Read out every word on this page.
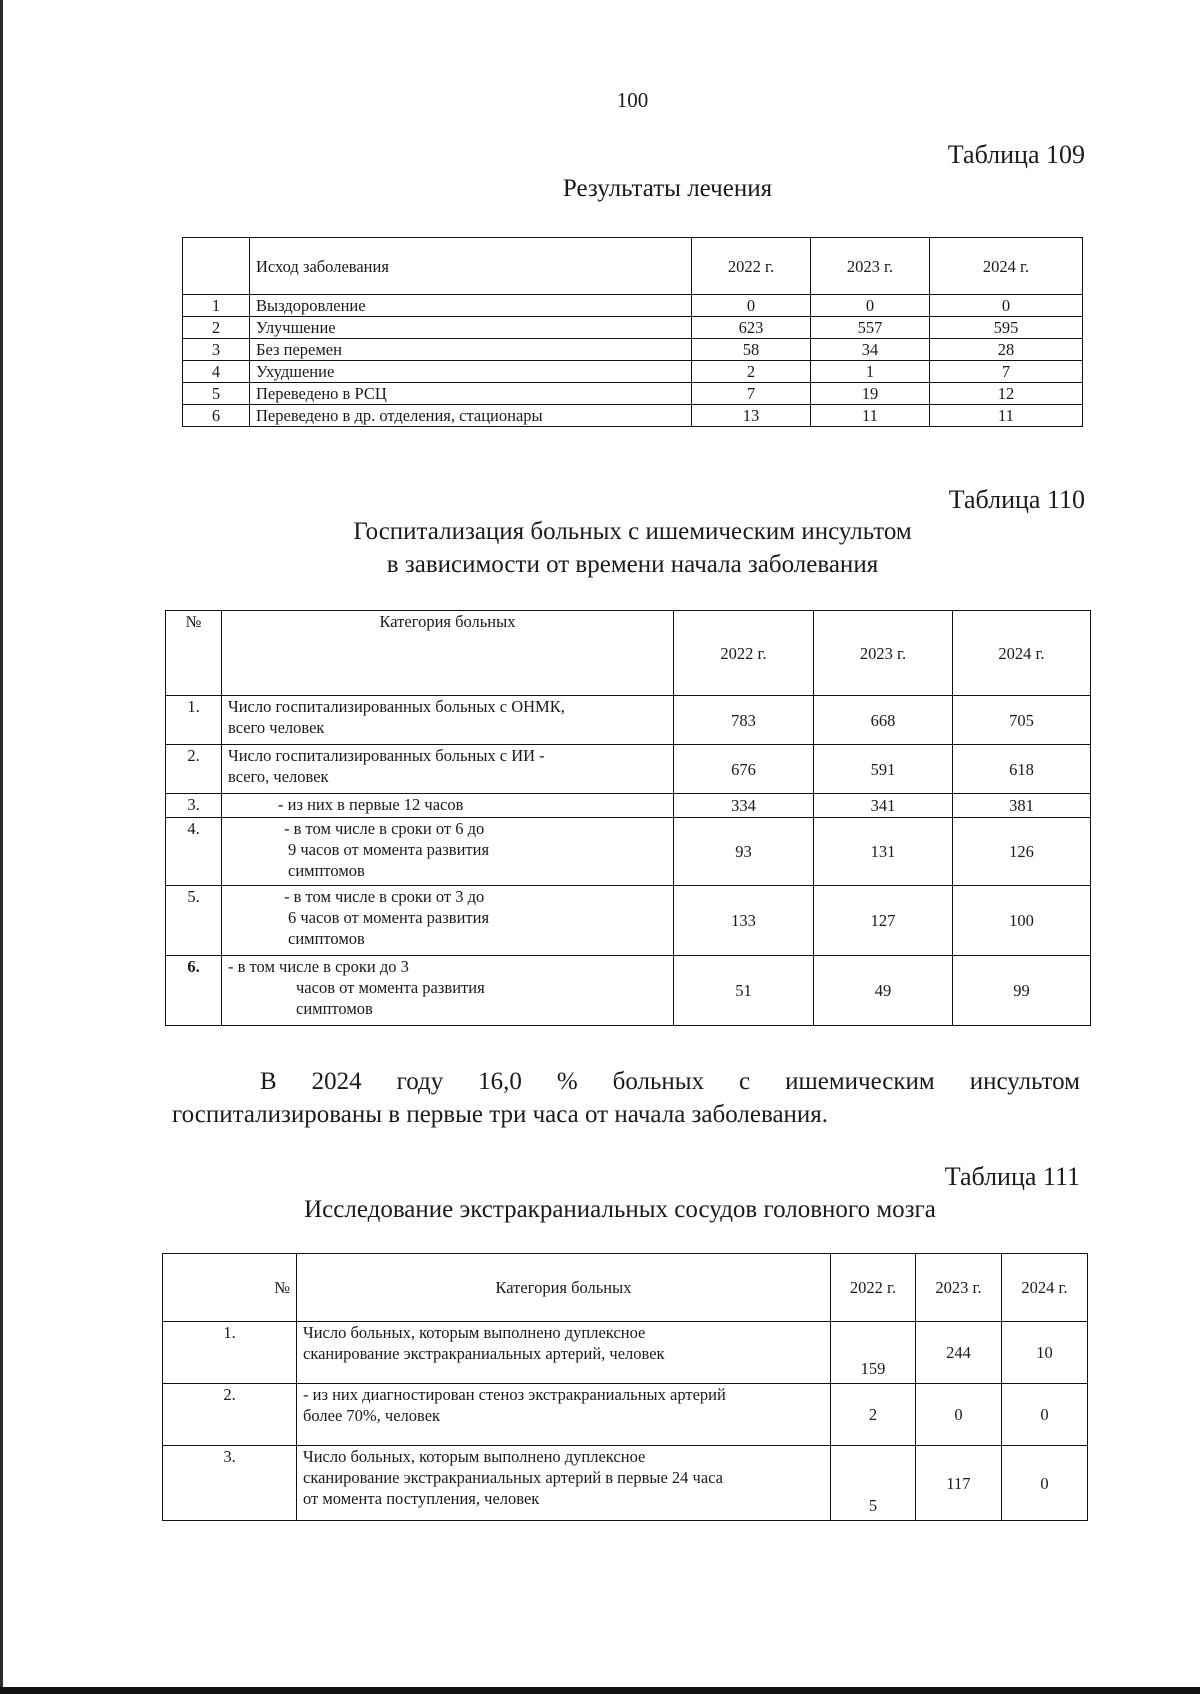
100
Таблица 109
Результаты лечения
	Исход заболевания	2022 г.	2023 г.	2024 г.
1	Выздоровление	0	0	0
2	Улучшение	623	557	595
3	Без перемен	58	34	28
4	Ухудшение	2	1	7
5	Переведено в РСЦ	7	19	12
6	Переведено в др. отделения, стационары	13	11	11
Таблица 110
Госпитализация больных с ишемическим инсультом
в зависимости от времени начала заболевания
№	Категория больных	2022 г.	2023 г.	2024 г.
1.	Число госпитализированных больных с ОНМК,
всего человек	783	668	705
2.	Число госпитализированных больных с ИИ -
всего, человек	676	591	618
3.	- из них в первые 12 часов	334	341	381
4.	- в том числе в сроки от 6 до
9 часов от момента развития
симптомов	93	131	126
5.	- в том числе в сроки от 3 до
6 часов от момента развития
симптомов	133	127	100
6.	- в том числе в сроки до 3
часов от момента развития
симптомов	51	49	99
В 2024 году 16,0 % больных с ишемическим инсультом
госпитализированы в первые три часа от начала заболевания.
Таблица 111
Исследование экстракраниальных сосудов головного мозга
№	Категория больных	2022 г.	2023 г.	2024 г.
1.	Число больных, которым выполнено дуплексное
сканирование экстракраниальных артерий, человек	159	244	10
2.	- из них диагностирован стеноз экстракраниальных артерий
более 70%, человек	2	0	0
3.	Число больных, которым выполнено дуплексное
сканирование экстракраниальных артерий в первые 24 часа
от момента поступления, человек	5	117	0
